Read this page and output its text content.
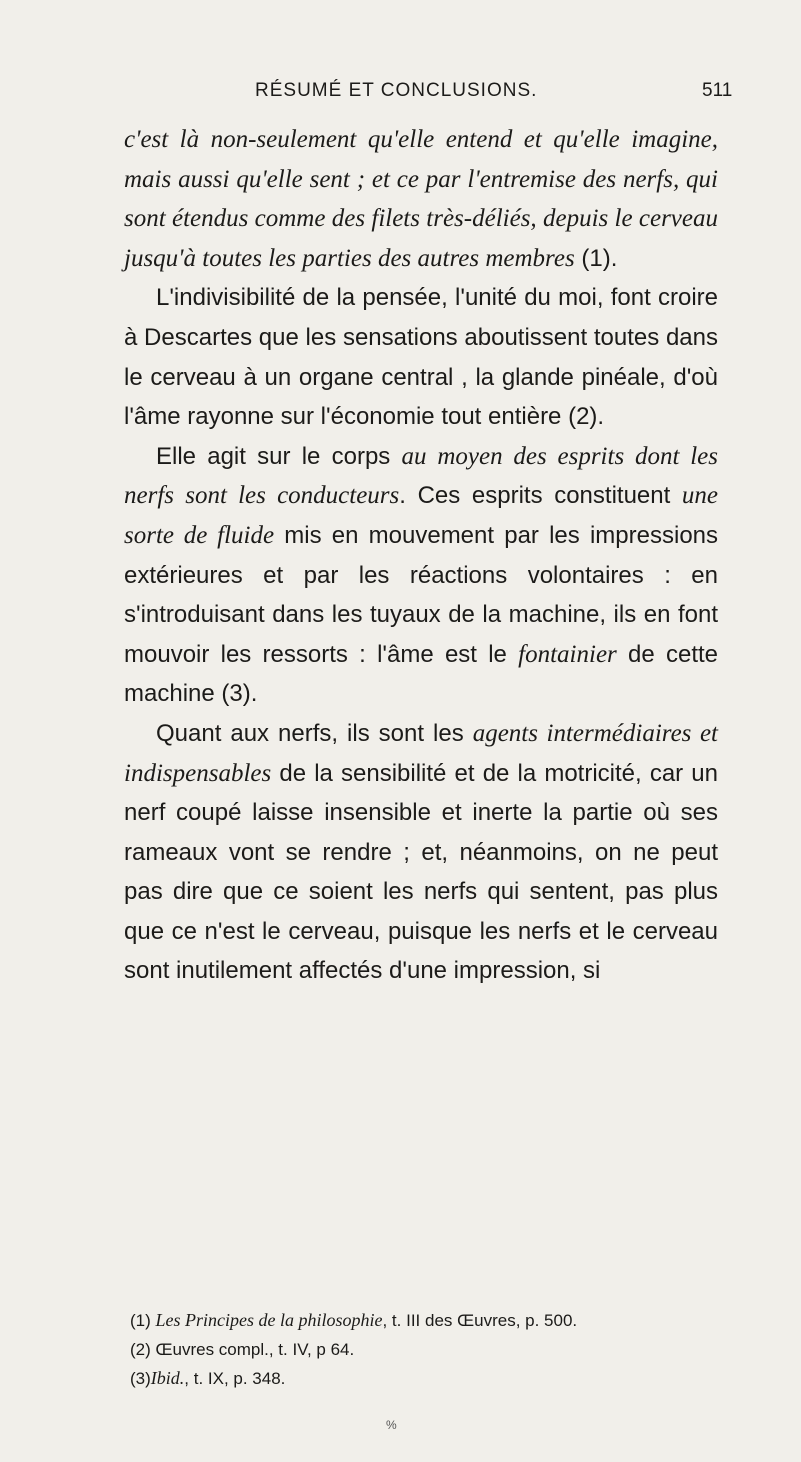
RÉSUMÉ ET CONCLUSIONS.	511

c'est là non-seulement qu'elle entend et qu'elle imagine, mais aussi qu'elle sent ; et ce par l'entremise des nerfs, qui sont étendus comme des filets très-déliés, depuis le cerveau jusqu'à toutes les parties des autres membres (1).

L'indivisibilité de la pensée, l'unité du moi, font croire à Descartes que les sensations aboutissent toutes dans le cerveau à un organe central , la glande pinéale, d'où l'âme rayonne sur l'économie tout entière (2).

Elle agit sur le corps au moyen des esprits dont les nerfs sont les conducteurs. Ces esprits constituent une sorte de fluide mis en mouvement par les impressions extérieures et par les réactions volontaires : en s'introduisant dans les tuyaux de la machine, ils en font mouvoir les ressorts : l'âme est le fontainier de cette machine (3).

Quant aux nerfs, ils sont les agents intermédiaires et indispensables de la sensibilité et de la motricité, car un nerf coupé laisse insensible et inerte la partie où ses rameaux vont se rendre ; et, néanmoins, on ne peut pas dire que ce soient les nerfs qui sentent, pas plus que ce n'est le cerveau, puisque les nerfs et le cerveau sont inutilement affectés d'une impression, si

(1) Les Principes de la philosophie, t. III des Œuvres, p. 500.

(2) Œuvres compl., t. IV, p 64.

(3)Ibid., t. IX, p. 348.

%
